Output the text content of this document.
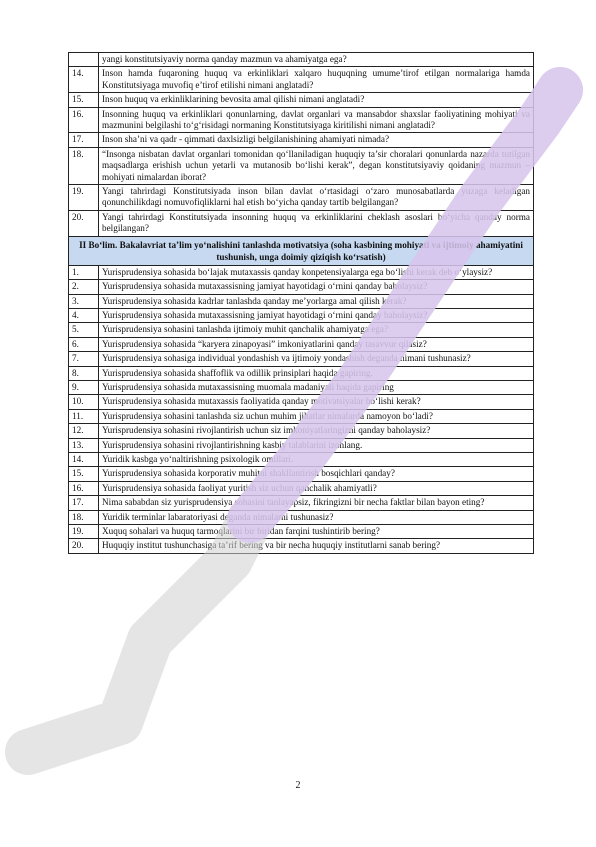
	yangi konstitutsiyaviy norma qanday mazmun va ahamiyatga ega?
14.	Inson hamda fuqaroning huquq va erkinliklari xalqaro huquqning umume’tirof etilgan normalariga hamda Konstitutsiyaga muvofiq e’tirof etilishi nimani anglatadi?
15.	Inson huquq va erkinliklarining bevosita amal qilishi nimani anglatadi?
16.	Insonning huquq va erkinliklari qonunlarning, davlat organlari va mansabdor shaxslar faoliyatining mohiyati va mazmunini belgilashi to‘g‘risidagi normaning Konstitutsiyaga kiritilishi nimani anglatadi?
17.	Inson sha’ni va qadr - qimmati daxlsizligi belgilanishining ahamiyati nimada?
18.	“Insonga nisbatan davlat organlari tomonidan qo‘llaniladigan huquqiy ta’sir choralari qonunlarda nazarda tutilgan maqsadlarga erishish uchun yetarli va mutanosib bo‘lishi kerak”, degan konstitutsiyaviy qoidaning mazmun –mohiyati nimalardan iborat?
19.	Yangi tahrirdagi Konstitutsiyada inson bilan davlat o‘rtasidagi o‘zaro munosabatlarda yuzaga keladigan qonunchilikdagi nomuvofiqliklarni hal etish bo‘yicha qanday tartib belgilangan?
20.	Yangi tahrirdagi Konstitutsiyada insonning huquq va erkinliklarini cheklash asoslari bo‘yicha qanday norma belgilangan?
II Bo‘lim. Bakalavriat ta’lim yo‘nalishini tanlashda motivatsiya (soha kasbining mohiyati va ijtimoiy ahamiyatini tushunish, unga doimiy qiziqish ko‘rsatish)	
1.	Yurisprudensiya sohasida bo‘lajak mutaxassis qanday konpetensiyalarga ega bo‘lishi kerak deb o‘ylaysiz?
2.	Yurisprudensiya sohasida mutaxassisning jamiyat hayotidagi o‘rnini qanday baholaysiz?
3.	Yurisprudensiya sohasida kadrlar tanlashda qanday me’yorlarga amal qilish kerak?
4.	Yurisprudensiya sohasida mutaxassisning jamiyat hayotidagi o‘rnini qanday baholaysiz?
5.	Yurisprudensiya sohasini tanlashda ijtimoiy muhit qanchalik ahamiyatga ega?
6.	Yurisprudensiya sohasida “karyera zinapoyasi” imkoniyatlarini qanday tasavvur qilasiz?
7.	Yurisprudensiya sohasiga individual yondashish va ijtimoiy yondashish deganda nimani tushunasiz?
8.	Yurisprudensiya sohasida shaffoflik va odillik prinsiplari haqida gapiring.
9.	Yurisprudensiya sohasida mutaxassisning muomala madaniyati haqida gapiring
10.	Yurisprudensiya sohasida mutaxassis faoliyatida qanday motivatsiyalar bo‘lishi kerak?
11.	Yurisprudensiya sohasini tanlashda siz uchun muhim jihatlar nimalarda namoyon bo‘ladi?
12.	Yurisprudensiya sohasini rivojlantirish uchun siz imkoniyatlaringizni qanday baholaysiz?
13.	Yurisprudensiya sohasini rivojlantirishning kasbiy talablarini izohlang.
14.	Yuridik kasbga yo‘naltirishning psixologik omillari.
15.	Yurisprudensiya sohasida korporativ muhitni shakllantirish bosqichlari qanday?
16.	Yurisprudensiya sohasida faoliyat yuritish siz uchun qanchalik ahamiyatli?
17.	Nima sababdan siz yurisprudensiya sohasini tanlayapsiz, fikringizni bir necha faktlar bilan bayon eting?
18.	Yuridik terminlar labaratoriyasi deganda nimalarni tushunasiz?
19.	Xuquq sohalari va huquq tarmoqlarini bir biridan farqini tushintirib bering?
20.	Huquqiy institut tushunchasiga ta’rif bering va bir necha huquqiy institutlarni sanab bering?
2
